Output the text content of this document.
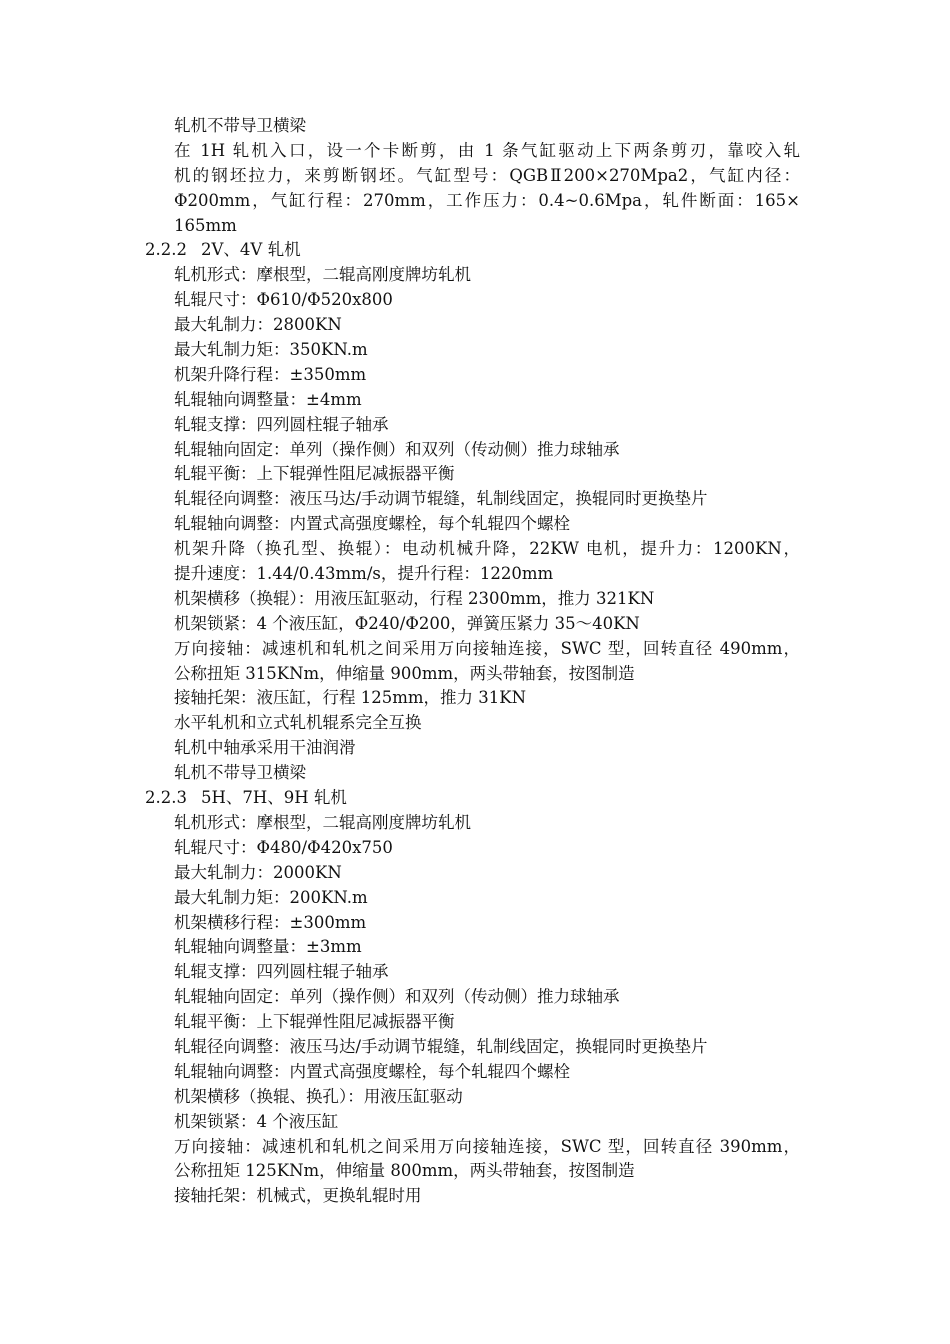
轧机不带导卫横梁

在 1H 轧机入口，设一个卡断剪，由 1 条气缸驱动上下两条剪刃，靠咬入轧

机的钢坯拉力，来剪断钢坯。气缸型号：QGBⅡ200×270Mpa2，气缸内径：

Φ200mm，气缸行程：270mm，工作压力：0.4~0.6Mpa，轧件断面：165×

165mm

2.2.2 2V、4V 轧机

轧机形式：摩根型，二辊高刚度牌坊轧机

轧辊尺寸：Φ610/Φ520x800

最大轧制力：2800KN

最大轧制力矩：350KN.m

机架升降行程：±350mm

轧辊轴向调整量：±4mm

轧辊支撑：四列圆柱辊子轴承

轧辊轴向固定：单列（操作侧）和双列（传动侧）推力球轴承

轧辊平衡：上下辊弹性阻尼减振器平衡

轧辊径向调整：液压马达/手动调节辊缝，轧制线固定，换辊同时更换垫片

轧辊轴向调整：内置式高强度螺栓，每个轧辊四个螺栓

机架升降（换孔型、换辊）：电动机械升降，22KW 电机，提升力：1200KN，

提升速度：1.44/0.43mm/s，提升行程：1220mm

机架横移（换辊）：用液压缸驱动，行程 2300mm，推力 321KN

机架锁紧：4 个液压缸，Φ240/Φ200，弹簧压紧力 35～40KN

万向接轴：减速机和轧机之间采用万向接轴连接，SWC 型，回转直径 490mm，

公称扭矩 315KNm，伸缩量 900mm，两头带轴套，按图制造

接轴托架：液压缸，行程 125mm，推力 31KN

水平轧机和立式轧机辊系完全互换

轧机中轴承采用干油润滑

轧机不带导卫横梁

2.2.3 5H、7H、9H 轧机

轧机形式：摩根型，二辊高刚度牌坊轧机

轧辊尺寸：Φ480/Φ420x750

最大轧制力：2000KN

最大轧制力矩：200KN.m

机架横移行程：±300mm

轧辊轴向调整量：±3mm

轧辊支撑：四列圆柱辊子轴承

轧辊轴向固定：单列（操作侧）和双列（传动侧）推力球轴承

轧辊平衡：上下辊弹性阻尼减振器平衡

轧辊径向调整：液压马达/手动调节辊缝，轧制线固定，换辊同时更换垫片

轧辊轴向调整：内置式高强度螺栓，每个轧辊四个螺栓

机架横移（换辊、换孔）：用液压缸驱动

机架锁紧：4 个液压缸

万向接轴：减速机和轧机之间采用万向接轴连接，SWC 型，回转直径 390mm，

公称扭矩 125KNm，伸缩量 800mm，两头带轴套，按图制造

接轴托架：机械式，更换轧辊时用
